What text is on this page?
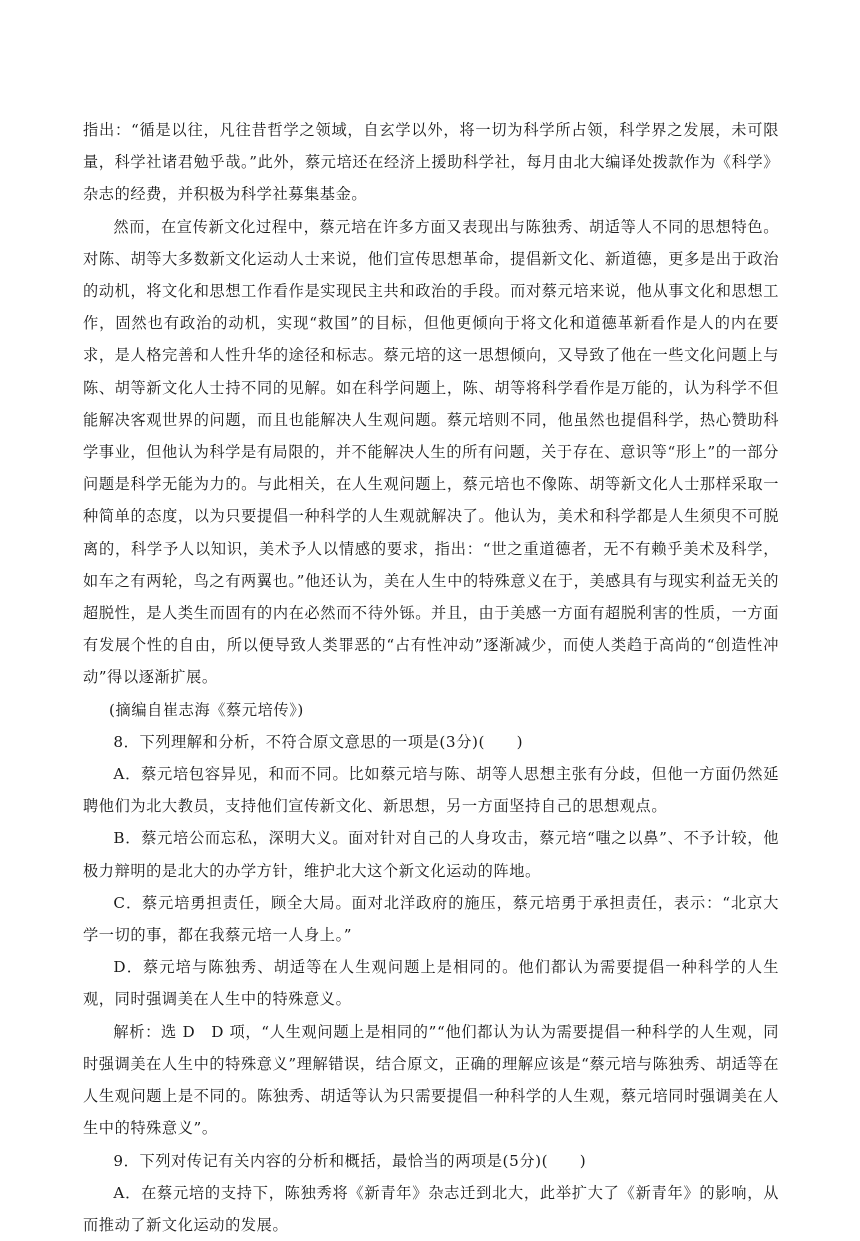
指出：“循是以往，凡往昔哲学之领域，自玄学以外，将一切为科学所占领，科学界之发展，未可限量，科学社诸君勉乎哉。”此外，蔡元培还在经济上援助科学社，每月由北大编译处拨款作为《科学》杂志的经费，并积极为科学社募集基金。

然而，在宣传新文化过程中，蔡元培在许多方面又表现出与陈独秀、胡适等人不同的思想特色。对陈、胡等大多数新文化运动人士来说，他们宣传思想革命，提倡新文化、新道德，更多是出于政治的动机，将文化和思想工作看作是实现民主共和政治的手段。而对蔡元培来说，他从事文化和思想工作，固然也有政治的动机，实现“救国”的目标，但他更倾向于将文化和道德革新看作是人的内在要求，是人格完善和人性升华的途径和标志。蔡元培的这一思想倾向，又导致了他在一些文化问题上与陈、胡等新文化人士持不同的见解。如在科学问题上，陈、胡等将科学看作是万能的，认为科学不但能解决客观世界的问题，而且也能解决人生观问题。蔡元培则不同，他虽然也提倡科学，热心赞助科学事业，但他认为科学是有局限的，并不能解决人生的所有问题，关于存在、意识等“形上”的一部分问题是科学无能为力的。与此相关，在人生观问题上，蔡元培也不像陈、胡等新文化人士那样采取一种简单的态度，以为只要提倡一种科学的人生观就解决了。他认为，美术和科学都是人生须臾不可脱离的，科学予人以知识，美术予人以情感的要求，指出：“世之重道德者，无不有赖乎美术及科学，如车之有两轮，鸟之有两翼也。”他还认为，美在人生中的特殊意义在于，美感具有与现实利益无关的超脱性，是人类生而固有的内在必然而不待外铄。并且，由于美感一方面有超脱利害的性质，一方面有发展个性的自由，所以便导致人类罪恶的“占有性冲动”逐渐减少，而使人类趋于高尚的“创造性冲动”得以逐渐扩展。

(摘编自崔志海《蔡元培传》)

8．下列理解和分析，不符合原文意思的一项是(3分)(　　)

A．蔡元培包容异见，和而不同。比如蔡元培与陈、胡等人思想主张有分歧，但他一方面仍然延聘他们为北大教员，支持他们宣传新文化、新思想，另一方面坚持自己的思想观点。

B．蔡元培公而忘私，深明大义。面对针对自己的人身攻击，蔡元培“嗤之以鼻”、不予计较，他极力辩明的是北大的办学方针，维护北大这个新文化运动的阵地。

C．蔡元培勇担责任，顾全大局。面对北洋政府的施压，蔡元培勇于承担责任，表示：“北京大学一切的事，都在我蔡元培一人身上。”

D．蔡元培与陈独秀、胡适等在人生观问题上是相同的。他们都认为需要提倡一种科学的人生观，同时强调美在人生中的特殊意义。

解析：选 D　D 项，“人生观问题上是相同的”“他们都认为认为需要提倡一种科学的人生观，同时强调美在人生中的特殊意义”理解错误，结合原文，正确的理解应该是“蔡元培与陈独秀、胡适等在人生观问题上是不同的。陈独秀、胡适等认为只需要提倡一种科学的人生观，蔡元培同时强调美在人生中的特殊意义”。

9．下列对传记有关内容的分析和概括，最恰当的两项是(5分)(　　)

A．在蔡元培的支持下，陈独秀将《新青年》杂志迁到北大，此举扩大了《新青年》的影响，从而推动了新文化运动的发展。
